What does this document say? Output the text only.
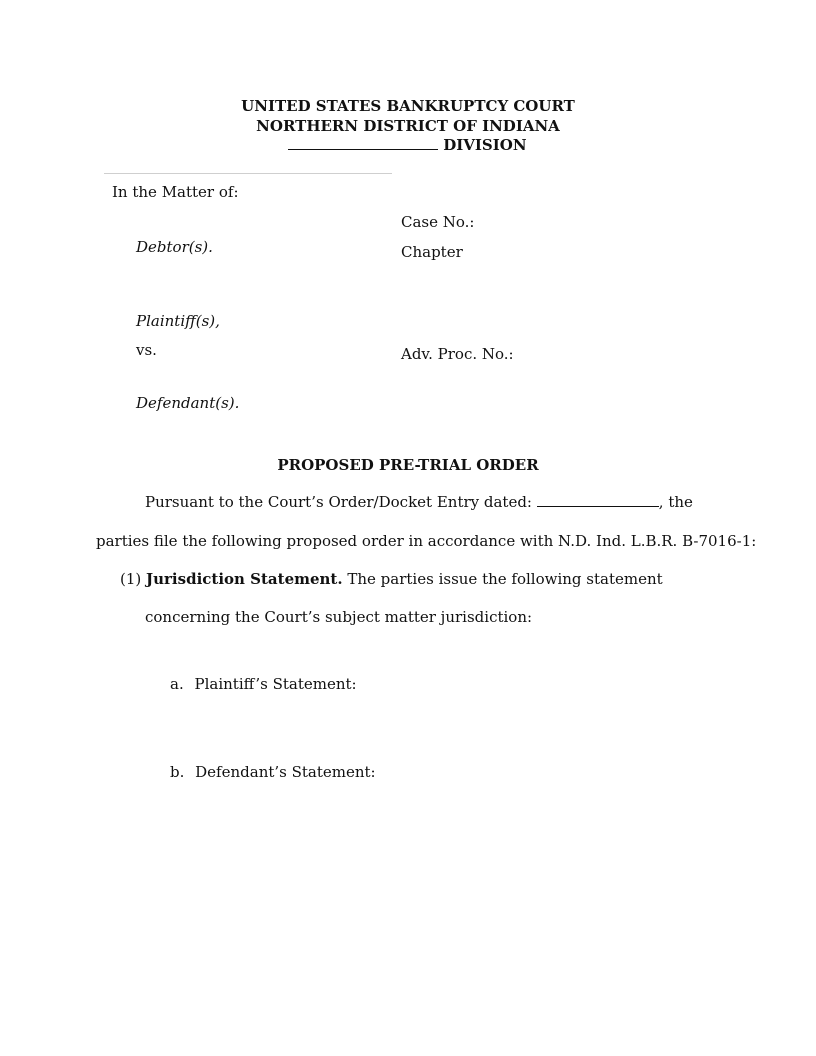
UNITED STATES BANKRUPTCY COURT
NORTHERN DISTRICT OF INDIANA
DIVISION
In the Matter of:
Debtor(s).
Plaintiff(s),
vs.
Defendant(s).
Case No.:
Chapter
Adv. Proc. No.:
PROPOSED PRE-TRIAL ORDER
Pursuant to the Court’s Order/Docket Entry dated:	, the
parties file the following proposed order in accordance with N.D. Ind. L.B.R. B-7016-1:
(1) Jurisdiction Statement. The parties issue the following statement
concerning the Court’s subject matter jurisdiction:
a. Plaintiff’s Statement:
b. Defendant’s Statement:
